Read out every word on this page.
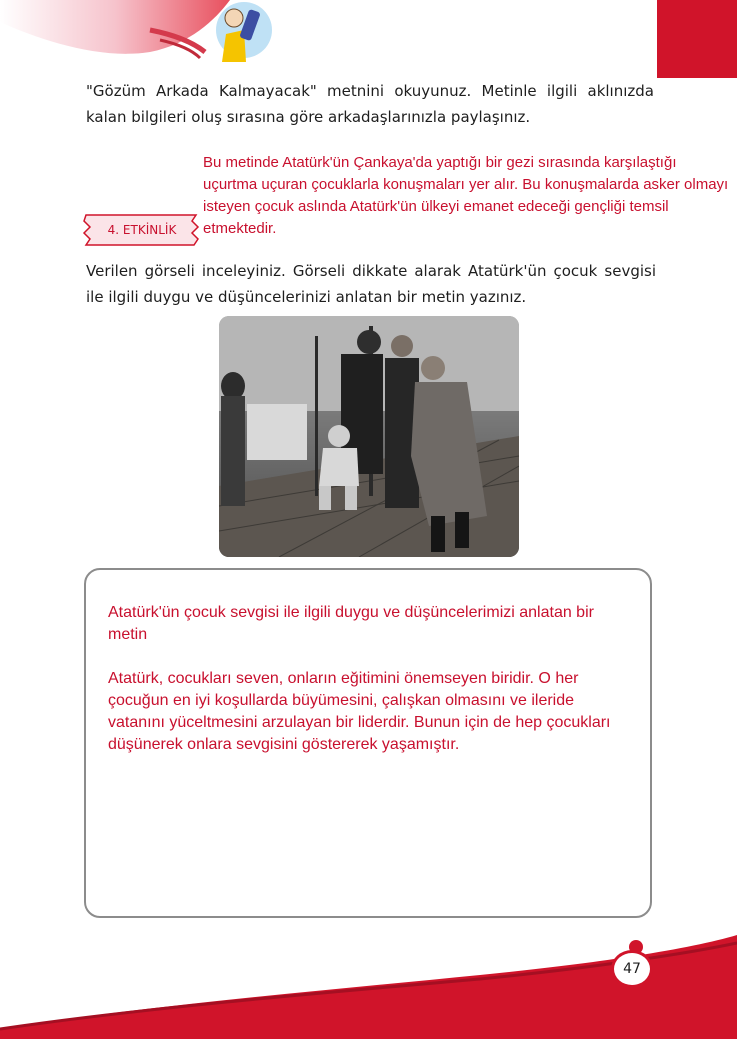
"Gözüm Arkada Kalmayacak" metnini okuyunuz. Metinle ilgili aklınızda kalan bilgileri oluş sırasına göre arkadaşlarınızla paylaşınız.
Bu metinde Atatürk'ün Çankaya'da yaptığı bir gezi sırasında karşılaştığı uçurtma uçuran çocuklarla konuşmaları yer alır. Bu konuşmalarda asker olmayı isteyen çocuk aslında Atatürk'ün ülkeyi emanet edeceği gençliği temsil etmektedir.
4. ETKİNLİK
Verilen görseli inceleyiniz. Görseli dikkate alarak Atatürk'ün çocuk sevgisi ile ilgili duygu ve düşüncelerinizi anlatan bir metin yazınız.

Atatürk'ün çocuk sevgisi ile ilgili duygu ve düşüncelerimizi anlatan bir metin

Atatürk, cocukları seven, onların eğitimini önemseyen biridir. O her çocuğun en iyi koşullarda büyümesini, çalışkan olmasını ve ileride vatanını yüceltmesini arzulayan bir liderdir. Bunun için de hep çocukları düşünerek onlara sevgisini göstererek yaşamıştır.

47
